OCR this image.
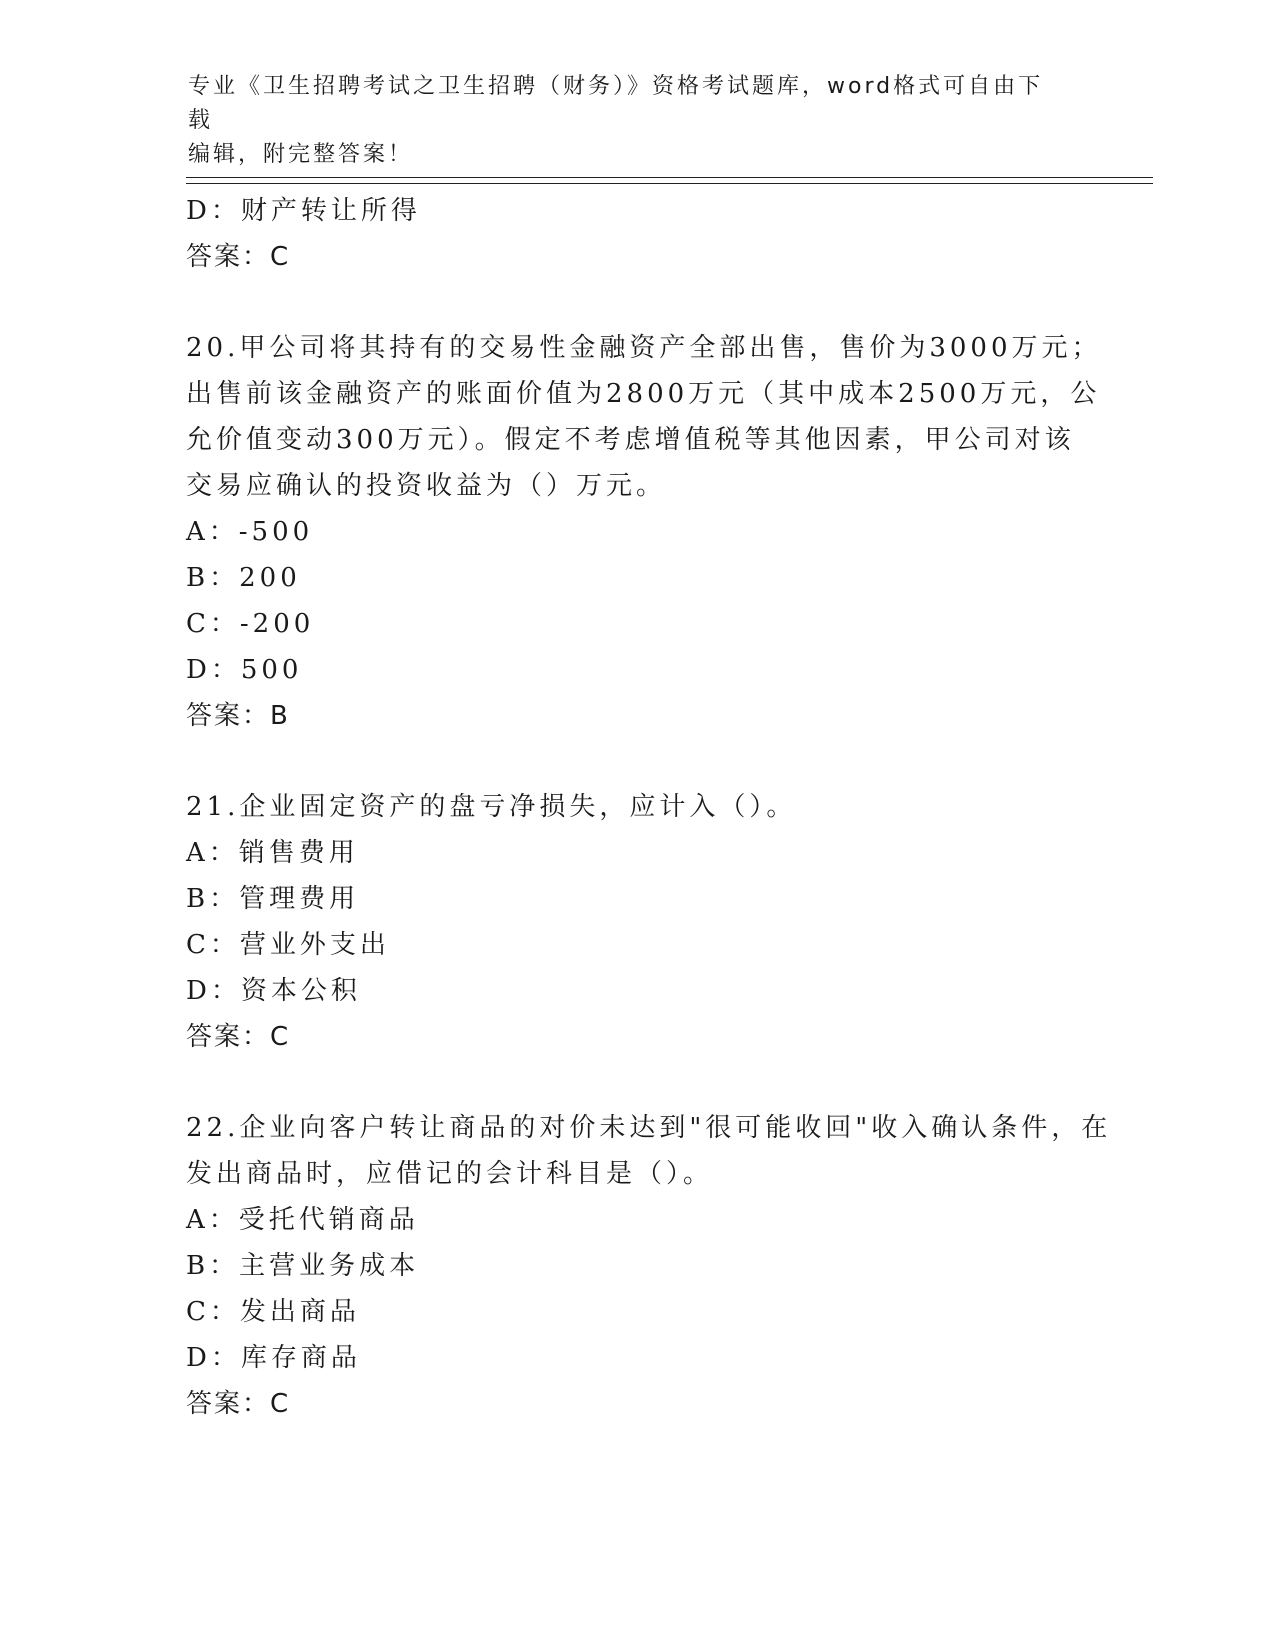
专业《卫生招聘考试之卫生招聘（财务）》资格考试题库，word格式可自由下载
编辑，附完整答案！
D：财产转让所得
答案：C
20.甲公司将其持有的交易性金融资产全部出售，售价为3000万元；
出售前该金融资产的账面价值为2800万元（其中成本2500万元，公
允价值变动300万元）。假定不考虑增值税等其他因素，甲公司对该
交易应确认的投资收益为（）万元。
A：-500
B：200
C：-200
D：500
答案：B
21.企业固定资产的盘亏净损失，应计入（）。
A：销售费用
B：管理费用
C：营业外支出
D：资本公积
答案：C
22.企业向客户转让商品的对价未达到"很可能收回"收入确认条件，在
发出商品时，应借记的会计科目是（）。
A：受托代销商品
B：主营业务成本
C：发出商品
D：库存商品
答案：C
